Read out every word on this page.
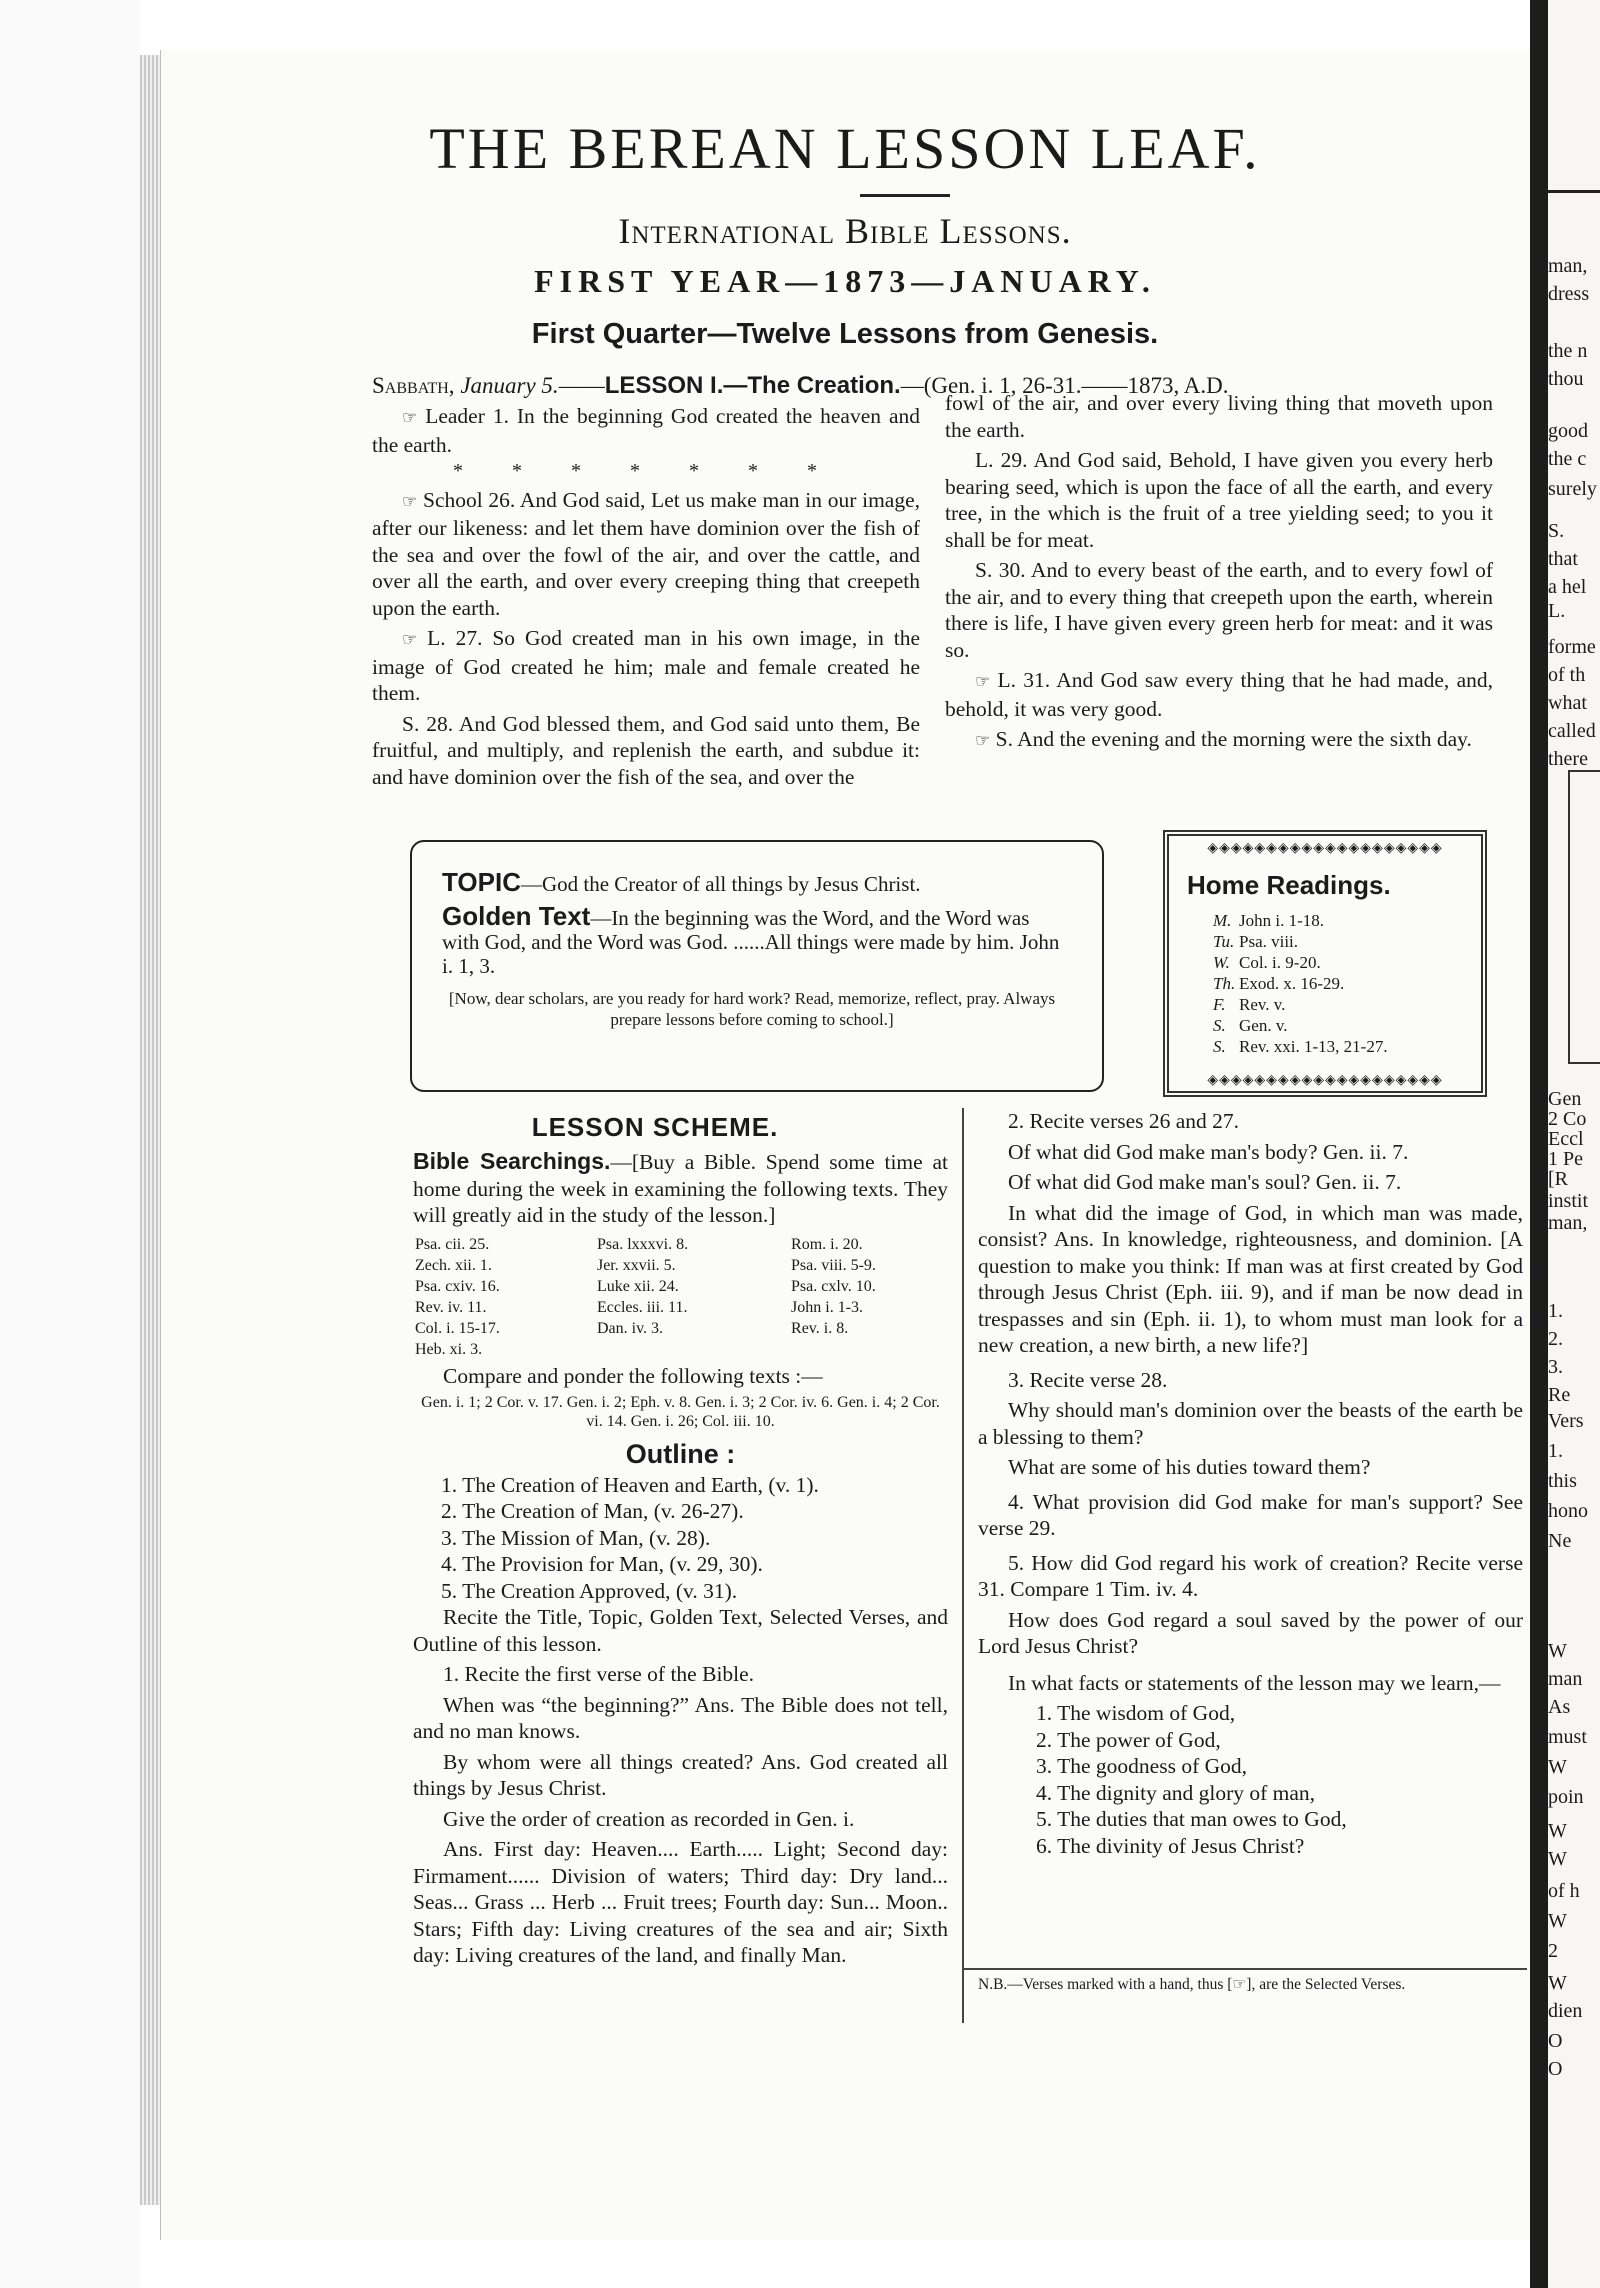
man,
dress
the n
thou
good
the c
surely
S.
that
a hel
L.
forme
of th
what
called
there
Gen
2 Co
Eccl
1 Pe
[R
instit
man,
1.
2.
3.
Re
Vers
1.
this
hono
Ne
W
man
As
must
W
poin
W
W
of h
W
2
W
dien
O
O
THE BEREAN LESSON LEAF.
International Bible Lessons.
FIRST YEAR—1873—JANUARY.
First Quarter—Twelve Lessons from Genesis.
Sabbath, January 5.——LESSON I.—The Creation.—(Gen. i. 1, 26-31.——1873, A.D.

☞ Leader 1. In the beginning God created the heaven and the earth.

* * * * * * *

☞ School 26. And God said, Let us make man in our image, after our likeness: and let them have dominion over the fish of the sea and over the fowl of the air, and over the cattle, and over all the earth, and over every creeping thing that creepeth upon the earth.

☞ L. 27. So God created man in his own image, in the image of God created he him; male and female created he them.

S. 28. And God blessed them, and God said unto them, Be fruitful, and multiply, and replenish the earth, and subdue it: and have dominion over the fish of the sea, and over the

fowl of the air, and over every living thing that moveth upon the earth.

L. 29. And God said, Behold, I have given you every herb bearing seed, which is upon the face of all the earth, and every tree, in the which is the fruit of a tree yielding seed; to you it shall be for meat.

S. 30. And to every beast of the earth, and to every fowl of the air, and to every thing that creepeth upon the earth, wherein there is life, I have given every green herb for meat: and it was so.

☞ L. 31. And God saw every thing that he had made, and, behold, it was very good.

☞ S. And the evening and the morning were the sixth day.

TOPIC—God the Creator of all things by Jesus Christ.
Golden Text—In the beginning was the Word, and the Word was with God, and the Word was God. ......All things were made by him. John i. 1, 3.
[Now, dear scholars, are you ready for hard work? Read, memorize, reflect, pray. Always prepare lessons before coming to school.]
◈◈◈◈◈◈◈◈◈◈◈◈◈◈◈◈◈◈◈◈
Home Readings.
M. John i. 1-18.
Tu. Psa. viii.
W. Col. i. 9-20.
Th. Exod. x. 16-29.
F. Rev. v.
S. Gen. v.
S. Rev. xxi. 1-13, 21-27.
◈◈◈◈◈◈◈◈◈◈◈◈◈◈◈◈◈◈◈◈
LESSON SCHEME.

Bible Searchings.—[Buy a Bible. Spend some time at home during the week in examining the following texts. They will greatly aid in the study of the lesson.]

Psa. cii. 25.	Psa. lxxxvi. 8.	Rom. i. 20.
Zech. xii. 1.	Jer. xxvii. 5.	Psa. viii. 5-9.
Psa. cxiv. 16.	Luke xii. 24.	Psa. cxlv. 10.
Rev. iv. 11.	Eccles. iii. 11.	John i. 1-3.
Col. i. 15-17.	Dan. iv. 3.	Rev. i. 8.
Heb. xi. 3.		

Compare and ponder the following texts :—

Gen. i. 1; 2 Cor. v. 17. Gen. i. 2; Eph. v. 8. Gen. i. 3; 2 Cor. iv. 6. Gen. i. 4; 2 Cor. vi. 14. Gen. i. 26; Col. iii. 10.

Outline :
1. The Creation of Heaven and Earth, (v. 1).
2. The Creation of Man, (v. 26-27).
3. The Mission of Man, (v. 28).
4. The Provision for Man, (v. 29, 30).
5. The Creation Approved, (v. 31).

Recite the Title, Topic, Golden Text, Selected Verses, and Outline of this lesson.

1. Recite the first verse of the Bible.

When was “the beginning?” Ans. The Bible does not tell, and no man knows.

By whom were all things created? Ans. God created all things by Jesus Christ.

Give the order of creation as recorded in Gen. i.

Ans. First day: Heaven.... Earth..... Light; Second day: Firmament...... Division of waters; Third day: Dry land... Seas... Grass ... Herb ... Fruit trees; Fourth day: Sun... Moon.. Stars; Fifth day: Living creatures of the sea and air; Sixth day: Living creatures of the land, and finally Man.

2. Recite verses 26 and 27.

Of what did God make man's body? Gen. ii. 7.

Of what did God make man's soul? Gen. ii. 7.

In what did the image of God, in which man was made, consist? Ans. In knowledge, righteousness, and dominion. [A question to make you think: If man was at first created by God through Jesus Christ (Eph. iii. 9), and if man be now dead in trespasses and sin (Eph. ii. 1), to whom must man look for a new creation, a new birth, a new life?]

3. Recite verse 28.

Why should man's dominion over the beasts of the earth be a blessing to them?

What are some of his duties toward them?

4. What provision did God make for man's support? See verse 29.

5. How did God regard his work of creation? Recite verse 31. Compare 1 Tim. iv. 4.

How does God regard a soul saved by the power of our Lord Jesus Christ?

In what facts or statements of the lesson may we learn,—

1. The wisdom of God,
2. The power of God,
3. The goodness of God,
4. The dignity and glory of man,
5. The duties that man owes to God,
6. The divinity of Jesus Christ?
N.B.—Verses marked with a hand, thus [☞], are the Selected Verses.
